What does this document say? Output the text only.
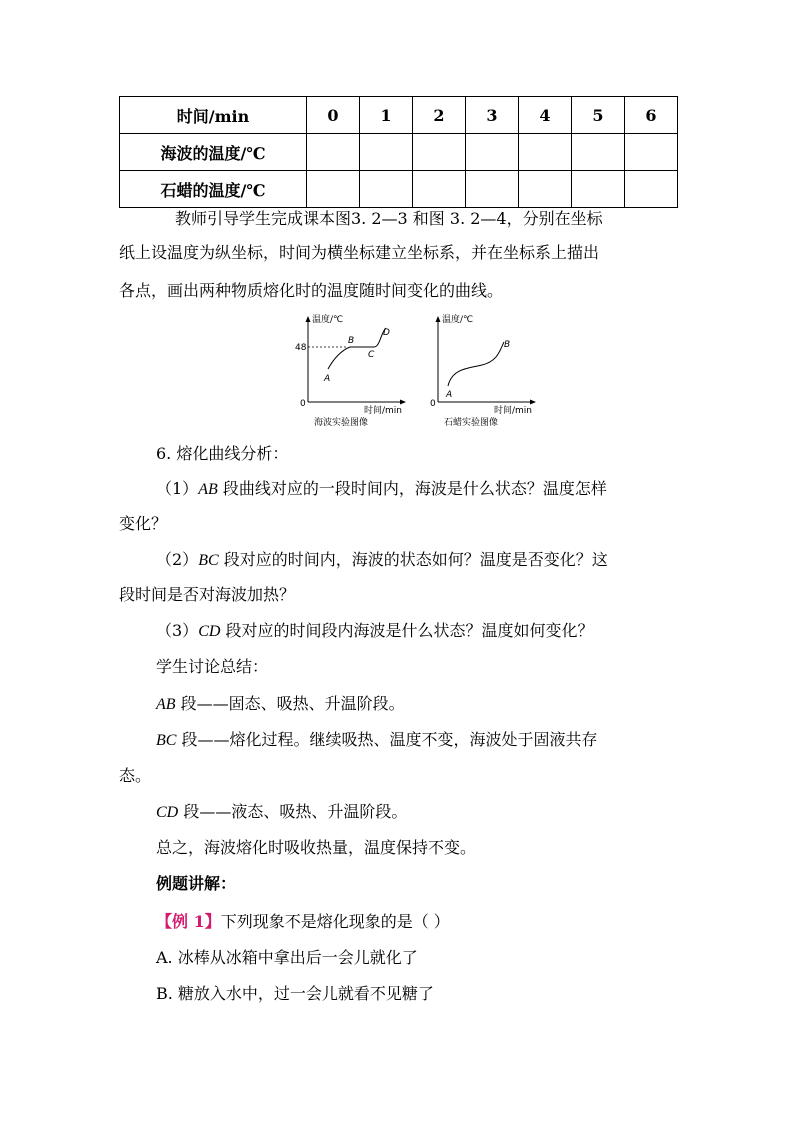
时间/min	0	1	2	3	4	5	6
海波的温度/℃							
石蜡的温度/℃							
教师引导学生完成课本图3. 2—3 和图 3. 2—4，分别在坐标
纸上设温度为纵坐标，时间为横坐标建立坐标系，并在坐标系上描出
各点，画出两种物质熔化时的温度随时间变化的曲线。
温度/℃
48
0
时间/min
海波实验图像
A
B
C
D
温度/℃
0
时间/min
石蜡实验图像
A
B
6. 熔化曲线分析：
（1）AB 段曲线对应的一段时间内，海波是什么状态？温度怎样
变化？
（2）BC 段对应的时间内，海波的状态如何？温度是否变化？这
段时间是否对海波加热？
（3）CD 段对应的时间段内海波是什么状态？温度如何变化？
学生讨论总结：
AB 段——固态、吸热、升温阶段。
BC 段——熔化过程。继续吸热、温度不变，海波处于固液共存
态。
CD 段——液态、吸热、升温阶段。
总之，海波熔化时吸收热量，温度保持不变。
例题讲解：
【例 1】下列现象不是熔化现象的是（ ）
A. 冰棒从冰箱中拿出后一会儿就化了
B. 糖放入水中，过一会儿就看不见糖了
